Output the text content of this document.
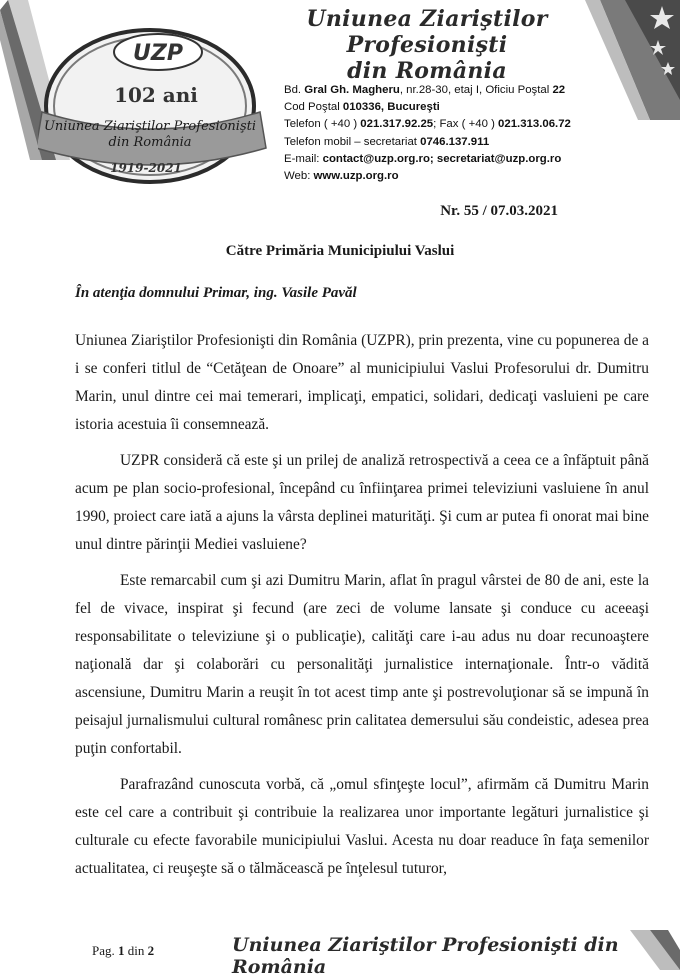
UZP
102 ani
Uniunea Ziariştilor Profesionişti
din România
1919-2021
Uniunea Ziariştilor Profesionişti
din România
Bd. Gral Gh. Magheru, nr.28-30, etaj I, Oficiu Poştal 22
Cod Poştal 010336, Bucureşti
Telefon ( +40 ) 021.317.92.25; Fax ( +40 ) 021.313.06.72
Telefon mobil – secretariat 0746.137.911
E-mail: contact@uzp.org.ro; secretariat@uzp.org.ro
Web: www.uzp.org.ro
Nr. 55 / 07.03.2021
Către Primăria Municipiului Vaslui
În atenţia domnului Primar, ing. Vasile Pavăl

Uniunea Ziariştilor Profesionişti din România (UZPR), prin prezenta, vine cu popunerea de a i se conferi titlul de “Cetăţean de Onoare” al municipiului Vaslui Profesorului dr. Dumitru Marin, unul dintre cei mai temerari, implicaţi, empatici, solidari, dedicaţi vasluieni pe care istoria acestuia îi consemnează.

UZPR consideră că este şi un prilej de analiză retrospectivă a ceea ce a înfăptuit până acum pe plan socio-profesional, începând cu înfiinţarea primei televiziuni vasluiene în anul 1990, proiect care iată a ajuns la vârsta deplinei maturităţi. Şi cum ar putea fi onorat mai bine unul dintre părinţii Mediei vasluiene?

Este remarcabil cum şi azi Dumitru Marin, aflat în pragul vârstei de 80 de ani, este la fel de vivace, inspirat şi fecund (are zeci de volume lansate şi conduce cu aceeaşi responsabilitate o televiziune şi o publicaţie), calităţi care i-au adus nu doar recunoaştere naţională dar şi colaborări cu personalităţi jurnalistice internaţionale. Într-o vădită ascensiune, Dumitru Marin a reuşit în tot acest timp ante şi postrevoluţionar să se impună în peisajul jurnalismului cultural românesc prin calitatea demersului său condeistic, adesea prea puţin confortabil.

Parafrazând cunoscuta vorbă, că „omul sfinţeşte locul”, afirmăm că Dumitru Marin este cel care a contribuit şi contribuie la realizarea unor importante legături jurnalistice şi culturale cu efecte favorabile municipiului Vaslui. Acesta nu doar readuce în faţa semenilor actualitatea, ci reuşeşte să o tălmăcească pe înţelesul tuturor,

Pag. 1 din 2	Uniunea Ziariştilor Profesionişti din România
